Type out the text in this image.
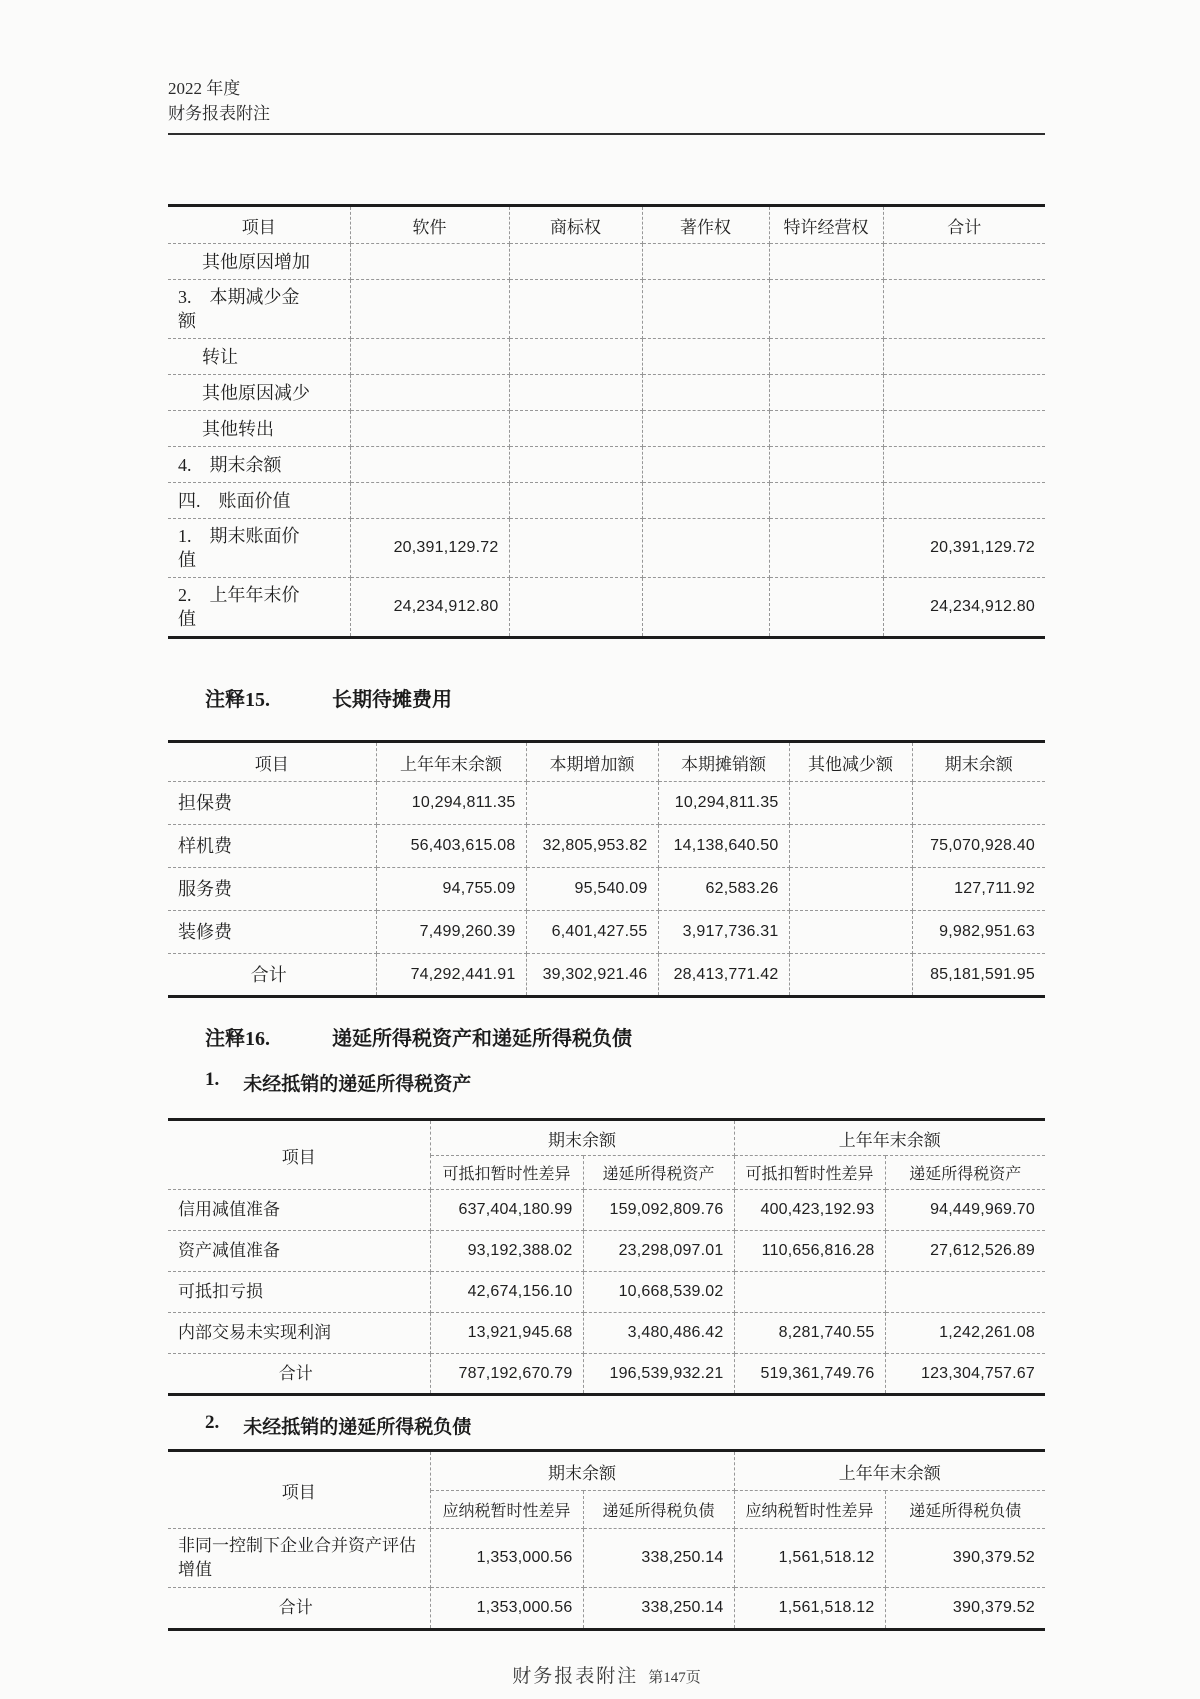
2022 年度
财务报表附注
项目	软件	商标权	著作权	特许经营权	合计
其他原因增加					
3.　本期减少金额					
转让					
其他原因减少					
其他转出					
4.　期末余额					
四.　账面价值					
1.　期末账面价值	20,391,129.72				20,391,129.72
2.　上年年末价值	24,234,912.80				24,234,912.80
注释15.	长期待摊费用
项目	上年年末余额	本期增加额	本期摊销额	其他减少额	期末余额
担保费	10,294,811.35		10,294,811.35		
样机费	56,403,615.08	32,805,953.82	14,138,640.50		75,070,928.40
服务费	94,755.09	95,540.09	62,583.26		127,711.92
装修费	7,499,260.39	6,401,427.55	3,917,736.31		9,982,951.63
合计	74,292,441.91	39,302,921.46	28,413,771.42		85,181,591.95
注释16.	递延所得税资产和递延所得税负债
1. 未经抵销的递延所得税资产
项目	期末余额		上年年末余额	
	可抵扣暂时性差异	递延所得税资产	可抵扣暂时性差异	递延所得税资产
信用减值准备	637,404,180.99	159,092,809.76	400,423,192.93	94,449,969.70
资产减值准备	93,192,388.02	23,298,097.01	110,656,816.28	27,612,526.89
可抵扣亏损	42,674,156.10	10,668,539.02		
内部交易未实现利润	13,921,945.68	3,480,486.42	8,281,740.55	1,242,261.08
合计	787,192,670.79	196,539,932.21	519,361,749.76	123,304,757.67
2. 未经抵销的递延所得税负债
项目	期末余额		上年年末余额	
	应纳税暂时性差异	递延所得税负债	应纳税暂时性差异	递延所得税负债
非同一控制下企业合并资产评估增值	1,353,000.56	338,250.14	1,561,518.12	390,379.52
合计	1,353,000.56	338,250.14	1,561,518.12	390,379.52
财务报表附注 第147页
